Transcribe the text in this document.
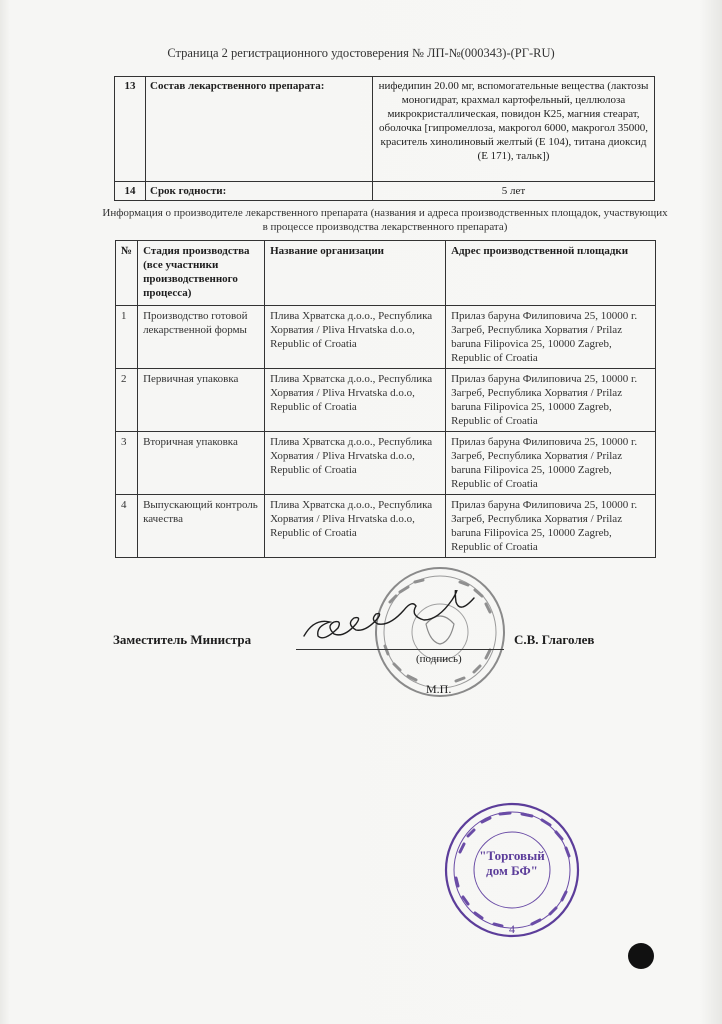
Страница 2 регистрационного удостоверения № ЛП-№(000343)-(РГ-RU)
13	Состав лекарственного препарата:	нифедипин 20.00 мг, вспомогательные вещества (лактозы моногидрат, крахмал картофельный, целлюлоза микрокристаллическая, повидон К25, магния стеарат, оболочка [гипромеллоза, макрогол 6000, макрогол 35000, краситель хинолиновый желтый (Е 104), титана диоксид (Е 171), тальк])
14	Срок годности:	5 лет
Информация о производителе лекарственного препарата (названия и адреса производственных площадок, участвующих в процессе производства лекарственного препарата)
№	Стадия производства (все участники производственного процесса)	Название организации	Адрес производственной площадки
1	Производство готовой лекарственной формы	Плива Хрватска д.о.о., Республика Хорватия / Pliva Hrvatska d.o.o, Republic of Croatia	Прилаз баруна Филиповича 25, 10000 г. Загреб, Республика Хорватия / Prilaz baruna Filipovica 25, 10000 Zagreb, Republic of Croatia
2	Первичная упаковка	Плива Хрватска д.о.о., Республика Хорватия / Pliva Hrvatska d.o.o, Republic of Croatia	Прилаз баруна Филиповича 25, 10000 г. Загреб, Республика Хорватия / Prilaz baruna Filipovica 25, 10000 Zagreb, Republic of Croatia
3	Вторичная упаковка	Плива Хрватска д.о.о., Республика Хорватия / Pliva Hrvatska d.o.o, Republic of Croatia	Прилаз баруна Филиповича 25, 10000 г. Загреб, Республика Хорватия / Prilaz baruna Filipovica 25, 10000 Zagreb, Republic of Croatia
4	Выпускающий контроль качества	Плива Хрватска д.о.о., Республика Хорватия / Pliva Hrvatska d.o.o, Republic of Croatia	Прилаз баруна Филиповича 25, 10000 г. Загреб, Республика Хорватия / Prilaz baruna Filipovica 25, 10000 Zagreb, Republic of Croatia
Заместитель Министра	С.В. Глаголев
(подпись)
М.П.
"Торговый
дом БФ"
4
